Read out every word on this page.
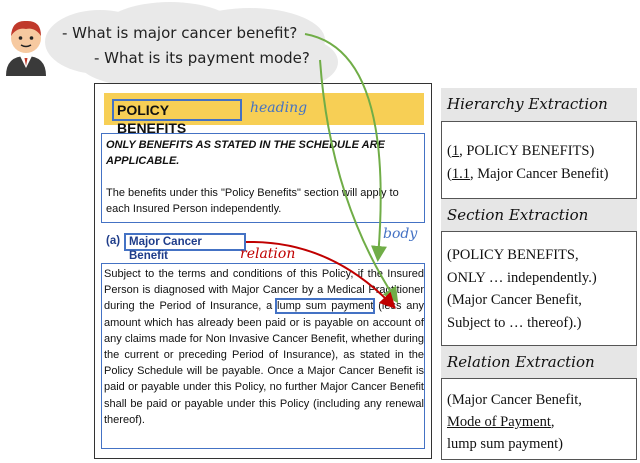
- What is major cancer benefit?
- What is its payment mode?
POLICY BENEFITS
heading
ONLY BENEFITS AS STATED IN THE SCHEDULE ARE APPLICABLE.
The benefits under this "Policy Benefits" section will apply to each Insured Person independently.
body
(a) Major Cancer Benefit	relation
Subject to the terms and conditions of this Policy, if the Insured Person is diagnosed with Major Cancer by a Medical Practitioner during the Period of Insurance, a lump sum payment (less any amount which has already been paid or is payable on account of any claims made for Non Invasive Cancer Benefit, whether during the current or preceding Period of Insurance), as stated in the Policy Schedule will be payable. Once a Major Cancer Benefit is paid or payable under this Policy, no further Major Cancer Benefit shall be paid or payable under this Policy (including any renewal thereof).
Hierarchy Extraction
(1, POLICY BENEFITS)
(1.1, Major Cancer Benefit)
Section Extraction
(POLICY BENEFITS,
ONLY … independently.)
(Major Cancer Benefit,
Subject to … thereof).)
Relation Extraction
(Major Cancer Benefit,
Mode of Payment,
lump sum payment)
